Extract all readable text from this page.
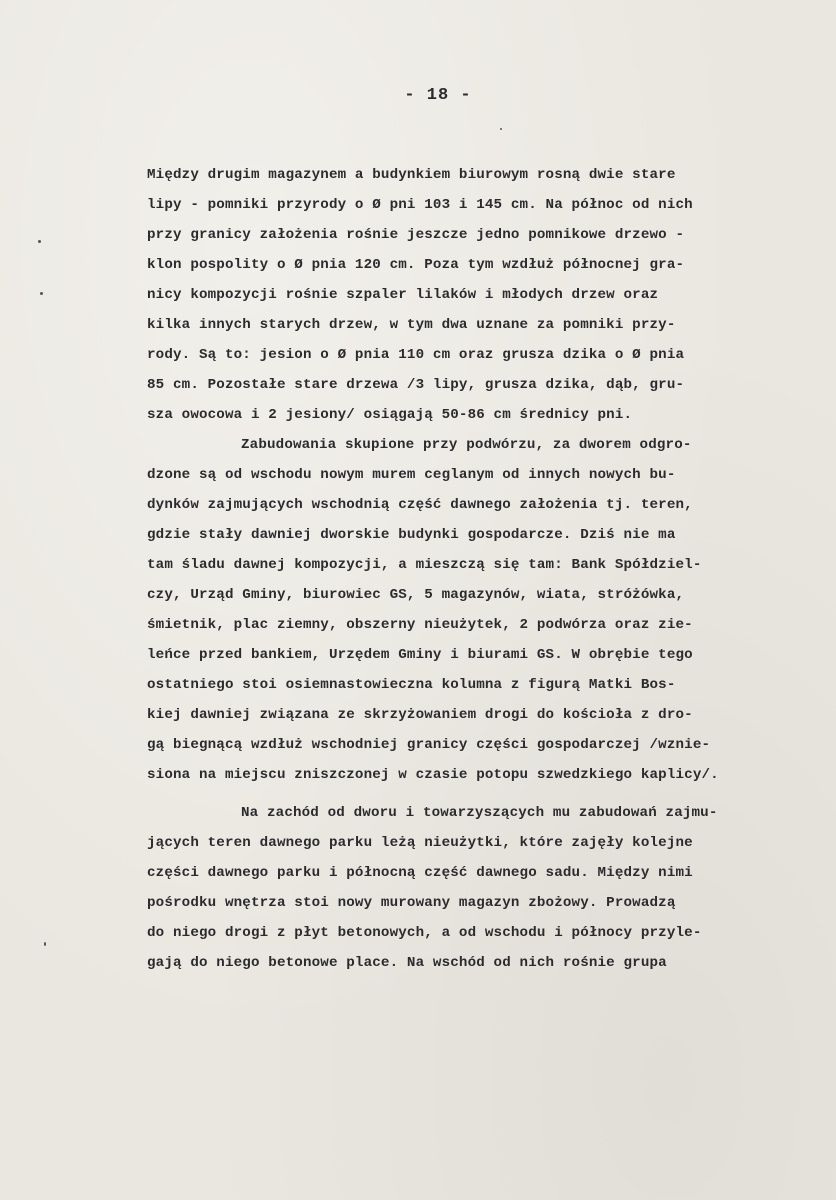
- 18 -
Między drugim magazynem a budynkiem biurowym rosną dwie stare
lipy - pomniki przyrody o Ø pni 103 i 145 cm. Na północ od nich
przy granicy założenia rośnie jeszcze jedno pomnikowe drzewo -
klon pospolity o Ø pnia 120 cm. Poza tym wzdłuż północnej gra-
nicy kompozycji rośnie szpaler lilaków i młodych drzew oraz
kilka innych starych drzew, w tym dwa uznane za pomniki przy-
rody. Są to: jesion o Ø pnia 110 cm oraz grusza dzika o Ø pnia
85 cm. Pozostałe stare drzewa /3 lipy, grusza dzika, dąb, gru-
sza owocowa i 2 jesiony/ osiągają 50-86 cm średnicy pni.
Zabudowania skupione przy podwórzu, za dworem odgro-
dzone są od wschodu nowym murem ceglanym od innych nowych bu-
dynków zajmujących wschodnią część dawnego założenia tj. teren,
gdzie stały dawniej dworskie budynki gospodarcze. Dziś nie ma
tam śladu dawnej kompozycji, a mieszczą się tam: Bank Spółdziel-
czy, Urząd Gminy, biurowiec GS, 5 magazynów, wiata, stróżówka,
śmietnik, plac ziemny, obszerny nieużytek, 2 podwórza oraz zie-
leńce przed bankiem, Urzędem Gminy i biurami GS. W obrębie tego
ostatniego stoi osiemnastowieczna kolumna z figurą Matki Bos-
kiej dawniej związana ze skrzyżowaniem drogi do kościoła z dro-
gą biegnącą wzdłuż wschodniej granicy części gospodarczej /wznie-
siona na miejscu zniszczonej w czasie potopu szwedzkiego kaplicy/.
Na zachód od dworu i towarzyszących mu zabudowań zajmu-
jących teren dawnego parku leżą nieużytki, które zajęły kolejne
części dawnego parku i północną część dawnego sadu. Między nimi
pośrodku wnętrza stoi nowy murowany magazyn zbożowy. Prowadzą
do niego drogi z płyt betonowych, a od wschodu i północy przyle-
gają do niego betonowe place. Na wschód od nich rośnie grupa
